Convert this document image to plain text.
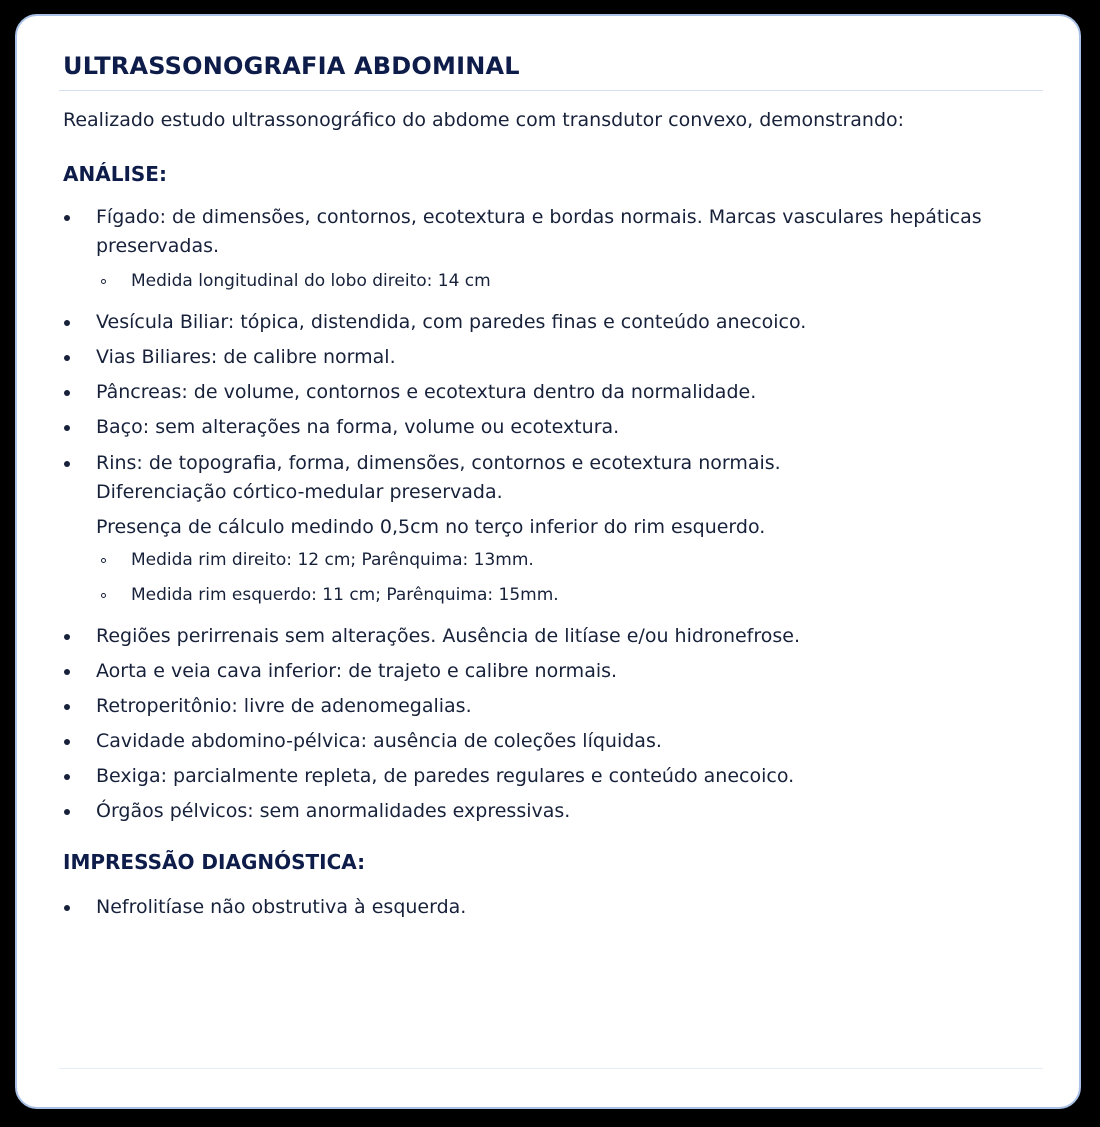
ULTRASSONOGRAFIA ABDOMINAL

Realizado estudo ultrassonográfico do abdome com transdutor convexo, demonstrando:

ANÁLISE:
Fígado: de dimensões, contornos, ecotextura e bordas normais. Marcas vasculares hepáticas
preservadas.
Medida longitudinal do lobo direito: 14 cm
Vesícula Biliar: tópica, distendida, com paredes finas e conteúdo anecoico.
Vias Biliares: de calibre normal.
Pâncreas: de volume, contornos e ecotextura dentro da normalidade.
Baço: sem alterações na forma, volume ou ecotextura.
Rins: de topografia, forma, dimensões, contornos e ecotextura normais.
Diferenciação córtico-medular preservada.
Presença de cálculo medindo 0,5cm no terço inferior do rim esquerdo.
Medida rim direito: 12 cm; Parênquima: 13mm.
Medida rim esquerdo: 11 cm; Parênquima: 15mm.
Regiões perirrenais sem alterações. Ausência de litíase e/ou hidronefrose.
Aorta e veia cava inferior: de trajeto e calibre normais.
Retroperitônio: livre de adenomegalias.
Cavidade abdomino-pélvica: ausência de coleções líquidas.
Bexiga: parcialmente repleta, de paredes regulares e conteúdo anecoico.
Órgãos pélvicos: sem anormalidades expressivas.
IMPRESSÃO DIAGNÓSTICA:
Nefrolitíase não obstrutiva à esquerda.
